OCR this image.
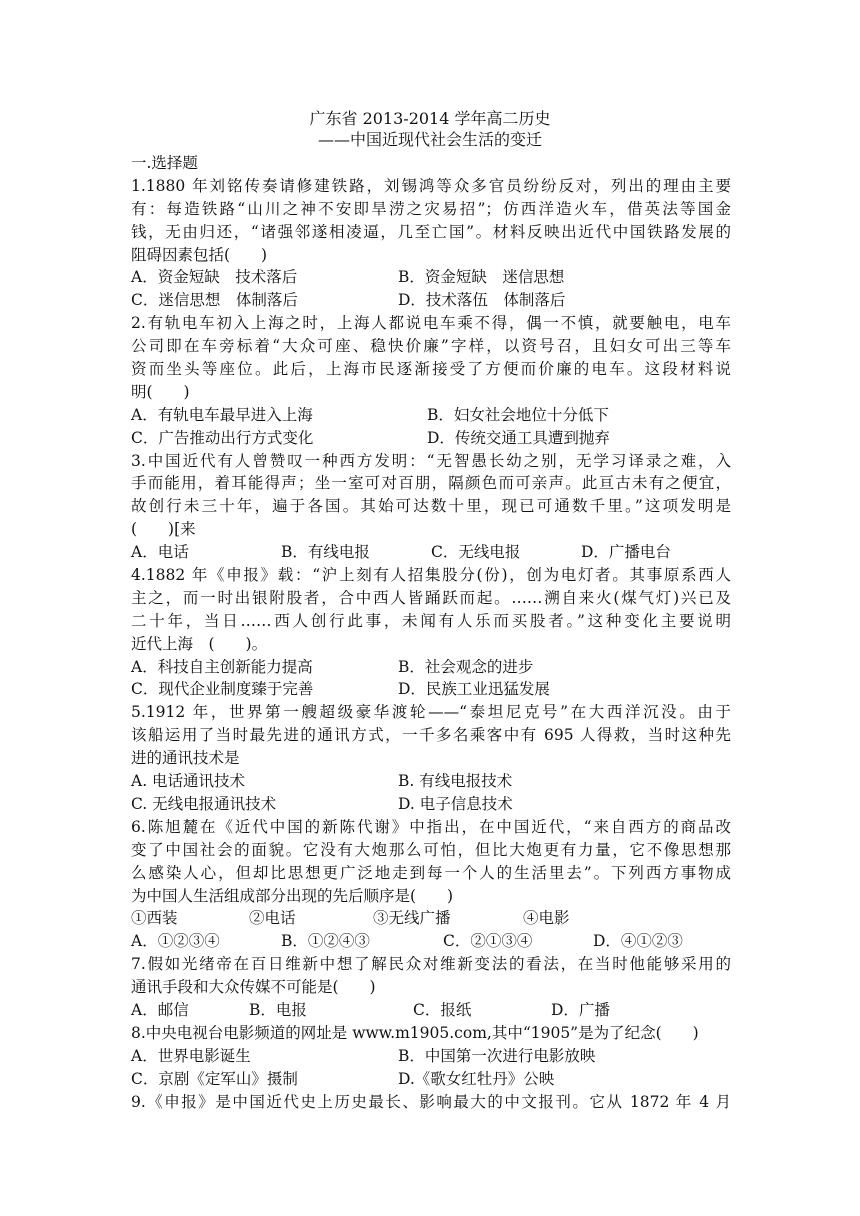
广东省 2013-2014 学年高二历史
——中国近现代社会生活的变迁
一.选择题
1.1880 年刘铭传奏请修建铁路，刘锡鸿等众多官员纷纷反对，列出的理由主要
有：每造铁路“山川之神不安即旱涝之灾易招”；仿西洋造火车，借英法等国金
钱，无由归还，“诸强邻遂相凌逼，几至亡国”。材料反映出近代中国铁路发展的
阻碍因素包括(　　)
A．资金短缺　技术落后	B．资金短缺　迷信思想
C．迷信思想　体制落后	D．技术落伍　体制落后
2.有轨电车初入上海之时，上海人都说电车乘不得，偶一不慎，就要触电，电车
公司即在车旁标着“大众可座、稳快价廉”字样，以资号召，且妇女可出三等车
资而坐头等座位。此后，上海市民逐渐接受了方便而价廉的电车。这段材料说
明(　　)
A．有轨电车最早进入上海	B．妇女社会地位十分低下
C．广告推动出行方式变化	D．传统交通工具遭到抛弃
3.中国近代有人曾赞叹一种西方发明：“无智愚长幼之别，无学习译录之难，入
手而能用，着耳能得声；坐一室可对百朋，隔颜色而可亲声。此亘古未有之便宜，
故创行未三十年，遍于各国。其始可达数十里，现已可通数千里。”这项发明是
(　　)[来
A．电话	B．有线电报	C．无线电报	D．广播电台
4.1882 年《申报》载：“沪上刻有人招集股分(份)，创为电灯者。其事原系西人
主之，而一时出银附股者，合中西人皆踊跃而起。……溯自来火(煤气灯)兴已及
二十年，当日……西人创行此事，未闻有人乐而买股者。”这种变化主要说明
近代上海　(　　)。
A．科技自主创新能力提高	B．社会观念的进步
C．现代企业制度臻于完善	D．民族工业迅猛发展
5.1912 年，世界第一艘超级豪华渡轮——“泰坦尼克号”在大西洋沉没。由于
该船运用了当时最先进的通讯方式，一千多名乘客中有 695 人得救，当时这种先
进的通讯技术是
A. 电话通讯技术	B. 有线电报技术
C. 无线电报通讯技术	D. 电子信息技术
6.陈旭麓在《近代中国的新陈代谢》中指出，在中国近代，“来自西方的商品改
变了中国社会的面貌。它没有大炮那么可怕，但比大炮更有力量，它不像思想那
么感染人心，但却比思想更广泛地走到每一个人的生活里去”。下列西方事物成
为中国人生活组成部分出现的先后顺序是(　　)
①西装	②电话	③无线广播	④电影
A．①②③④	B．①②④③	C．②①③④	D．④①②③
7.假如光绪帝在百日维新中想了解民众对维新变法的看法，在当时他能够采用的
通讯手段和大众传媒不可能是(　　)
A．邮信	B．电报	C．报纸	D．广播
8.中央电视台电影频道的网址是 www.m1905.com,其中“1905”是为了纪念(　　)
A．世界电影诞生	B．中国第一次进行电影放映
C．京剧《定军山》摄制	D.《歌女红牡丹》公映
9.《申报》是中国近代史上历史最长、影响最大的中文报刊。它从 1872 年 4 月
